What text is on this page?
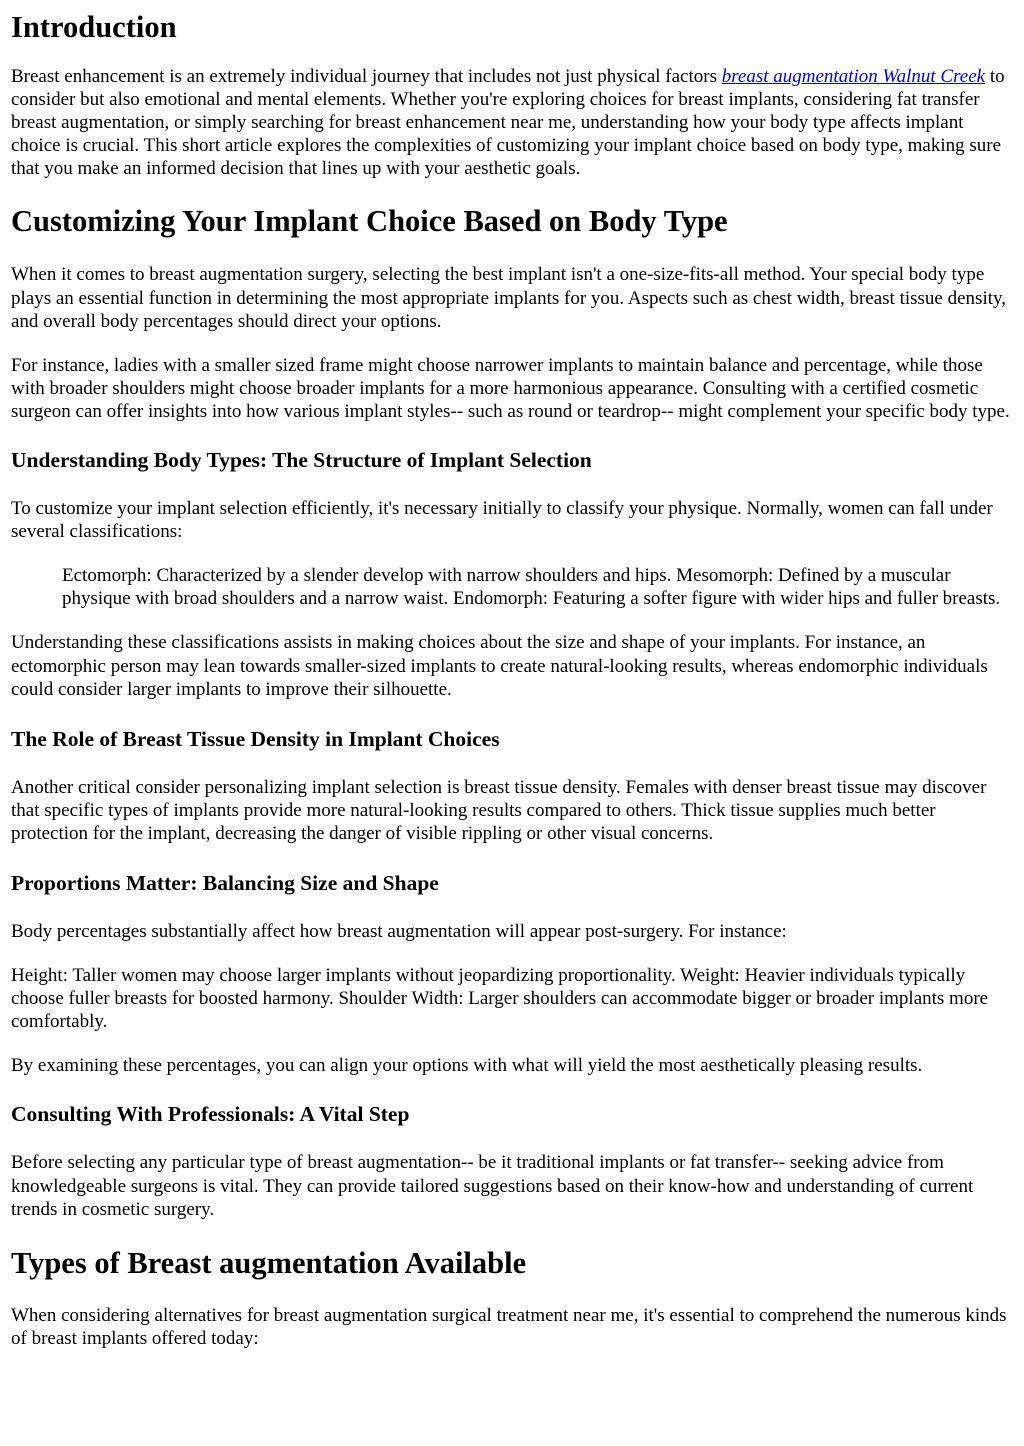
Introduction

Breast enhancement is an extremely individual journey that includes not just physical factors breast augmentation Walnut Creek to consider but also emotional and mental elements. Whether you're exploring choices for breast implants, considering fat transfer breast augmentation, or simply searching for breast enhancement near me, understanding how your body type affects implant choice is crucial. This short article explores the complexities of customizing your implant choice based on body type, making sure that you make an informed decision that lines up with your aesthetic goals.

Customizing Your Implant Choice Based on Body Type

When it comes to breast augmentation surgery, selecting the best implant isn't a one-size-fits-all method. Your special body type plays an essential function in determining the most appropriate implants for you. Aspects such as chest width, breast tissue density, and overall body percentages should direct your options.

For instance, ladies with a smaller sized frame might choose narrower implants to maintain balance and percentage, while those with broader shoulders might choose broader implants for a more harmonious appearance. Consulting with a certified cosmetic surgeon can offer insights into how various implant styles-- such as round or teardrop-- might complement your specific body type.

Understanding Body Types: The Structure of Implant Selection

To customize your implant selection efficiently, it's necessary initially to classify your physique. Normally, women can fall under several classifications:

Ectomorph: Characterized by a slender develop with narrow shoulders and hips. Mesomorph: Defined by a muscular physique with broad shoulders and a narrow waist. Endomorph: Featuring a softer figure with wider hips and fuller breasts.

Understanding these classifications assists in making choices about the size and shape of your implants. For instance, an ectomorphic person may lean towards smaller-sized implants to create natural-looking results, whereas endomorphic individuals could consider larger implants to improve their silhouette.

The Role of Breast Tissue Density in Implant Choices

Another critical consider personalizing implant selection is breast tissue density. Females with denser breast tissue may discover that specific types of implants provide more natural-looking results compared to others. Thick tissue supplies much better protection for the implant, decreasing the danger of visible rippling or other visual concerns.

Proportions Matter: Balancing Size and Shape

Body percentages substantially affect how breast augmentation will appear post-surgery. For instance:

Height: Taller women may choose larger implants without jeopardizing proportionality. Weight: Heavier individuals typically choose fuller breasts for boosted harmony. Shoulder Width: Larger shoulders can accommodate bigger or broader implants more comfortably.

By examining these percentages, you can align your options with what will yield the most aesthetically pleasing results.

Consulting With Professionals: A Vital Step

Before selecting any particular type of breast augmentation-- be it traditional implants or fat transfer-- seeking advice from knowledgeable surgeons is vital. They can provide tailored suggestions based on their know-how and understanding of current trends in cosmetic surgery.

Types of Breast augmentation Available

When considering alternatives for breast augmentation surgical treatment near me, it's essential to comprehend the numerous kinds of breast implants offered today:
